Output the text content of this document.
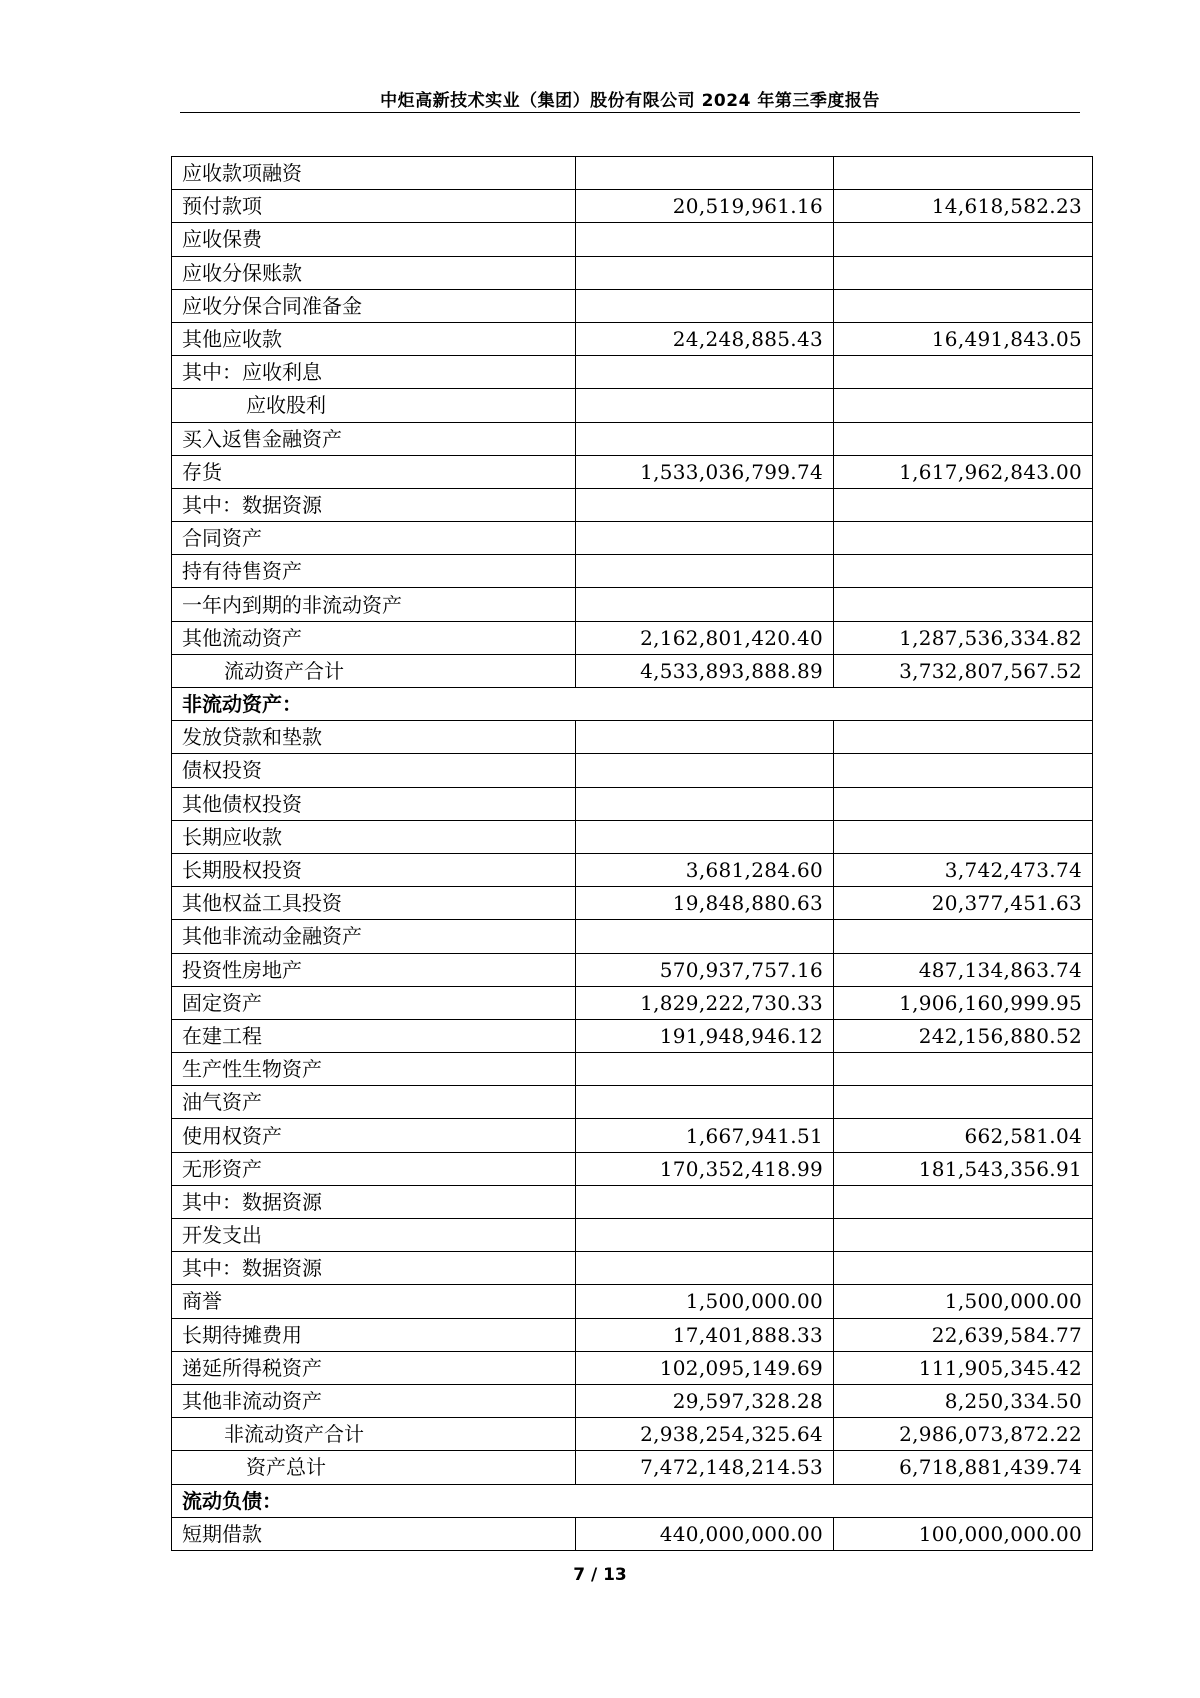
中炬高新技术实业（集团）股份有限公司 2024 年第三季度报告
应收款项融资		
预付款项	20,519,961.16	14,618,582.23
应收保费		
应收分保账款		
应收分保合同准备金		
其他应收款	24,248,885.43	16,491,843.05
其中：应收利息		
应收股利		
买入返售金融资产		
存货	1,533,036,799.74	1,617,962,843.00
其中：数据资源		
合同资产		
持有待售资产		
一年内到期的非流动资产		
其他流动资产	2,162,801,420.40	1,287,536,334.82
流动资产合计	4,533,893,888.89	3,732,807,567.52
非流动资产：		
发放贷款和垫款		
债权投资		
其他债权投资		
长期应收款		
长期股权投资	3,681,284.60	3,742,473.74
其他权益工具投资	19,848,880.63	20,377,451.63
其他非流动金融资产		
投资性房地产	570,937,757.16	487,134,863.74
固定资产	1,829,222,730.33	1,906,160,999.95
在建工程	191,948,946.12	242,156,880.52
生产性生物资产		
油气资产		
使用权资产	1,667,941.51	662,581.04
无形资产	170,352,418.99	181,543,356.91
其中：数据资源		
开发支出		
其中：数据资源		
商誉	1,500,000.00	1,500,000.00
长期待摊费用	17,401,888.33	22,639,584.77
递延所得税资产	102,095,149.69	111,905,345.42
其他非流动资产	29,597,328.28	8,250,334.50
非流动资产合计	2,938,254,325.64	2,986,073,872.22
资产总计	7,472,148,214.53	6,718,881,439.74
流动负债：		
短期借款	440,000,000.00	100,000,000.00
7 / 13
